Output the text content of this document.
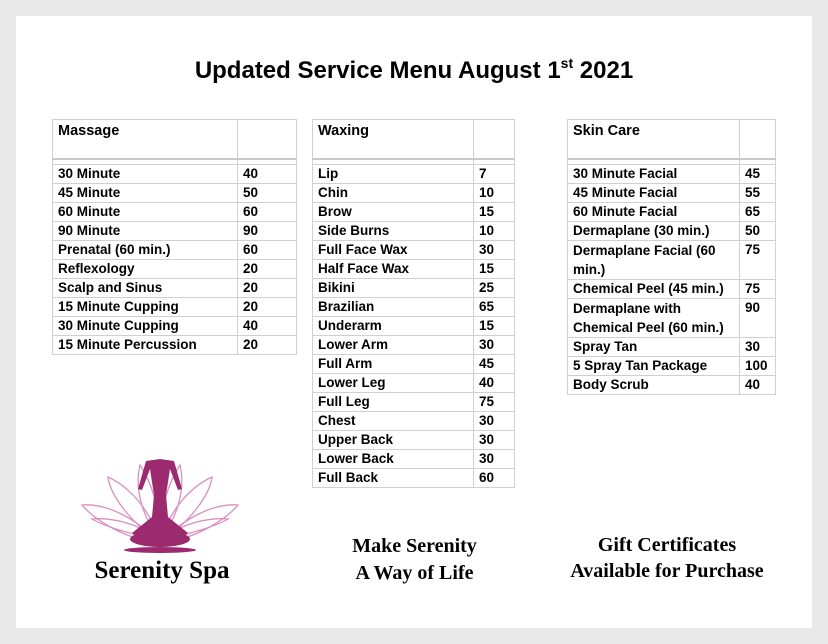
Updated Service Menu August 1st 2021
Massage	

30 Minute	40
45 Minute	50
60 Minute	60
90 Minute	90
Prenatal (60 min.)	60
Reflexology	20
Scalp and Sinus	20
15 Minute Cupping	20
30 Minute Cupping	40
15 Minute Percussion	20
Waxing	

Lip	7
Chin	10
Brow	15
Side Burns	10
Full Face Wax	30
Half Face Wax	15
Bikini	25
Brazilian	65
Underarm	15
Lower Arm	30
Full Arm	45
Lower Leg	40
Full Leg	75
Chest	30
Upper Back	30
Lower Back	30
Full Back	60
Skin Care	

30 Minute Facial	45
45 Minute Facial	55
60 Minute Facial	65
Dermaplane (30 min.)	50
Dermaplane Facial (60 min.)	75
Chemical Peel (45 min.)	75
Dermaplane with Chemical Peel (60 min.)	90
Spray Tan	30
5 Spray Tan Package	100
Body Scrub	40
Serenity Spa
Make Serenity
A Way of Life
Gift Certificates
Available for Purchase
